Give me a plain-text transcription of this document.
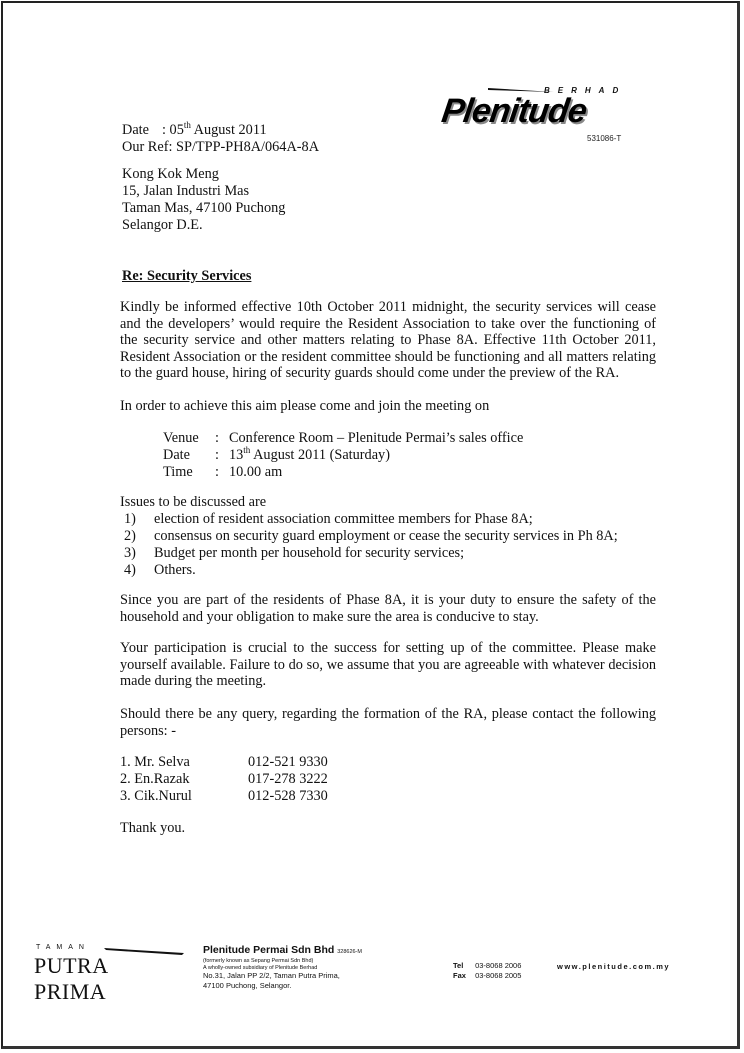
BERHAD
Plenitude
531086-T
Date : 05th August 2011
Our Ref: SP/TPP-PH8A/064A-8A
Kong Kok Meng
15, Jalan Industri Mas
Taman Mas, 47100 Puchong
Selangor D.E.
Re: Security Services
Kindly be informed effective 10th October 2011 midnight, the security services will cease and the developers’ would require the Resident Association to take over the functioning of the security service and other matters relating to Phase 8A. Effective 11th October 2011, Resident Association or the resident committee should be functioning and all matters relating to the guard house, hiring of security guards should come under the preview of the RA.
In order to achieve this aim please come and join the meeting on
Venue	: Conference Room – Plenitude Permai’s sales office
Date	: 13th August 2011 (Saturday)
Time	: 10.00 am
Issues to be discussed are
1)	election of resident association committee members for Phase 8A;
2)	consensus on security guard employment or cease the security services in Ph 8A;
3)	Budget per month per household for security services;
4)	Others.
Since you are part of the residents of Phase 8A, it is your duty to ensure the safety of the household and your obligation to make sure the area is conducive to stay.
Your participation is crucial to the success for setting up of the committee. Please make yourself available. Failure to do so, we assume that you are agreeable with whatever decision made during the meeting.
Should there be any query, regarding the formation of the RA, please contact the following persons: -
1. Mr. Selva	012-521 9330
2. En.Razak	017-278 3222
3. Cik.Nurul	012-528 7330
Thank you.
TAMAN
PUTRA PRIMA
Plenitude Permai Sdn Bhd 328626-M
(formerly known as Sepang Permai Sdn Bhd)
A wholly-owned subsidiary of Plenitude Berhad
No.31, Jalan PP 2/2, Taman Putra Prima,
47100 Puchong, Selangor.
Tel 03-8068 2006
Fax 03-8068 2005
www.plenitude.com.my
